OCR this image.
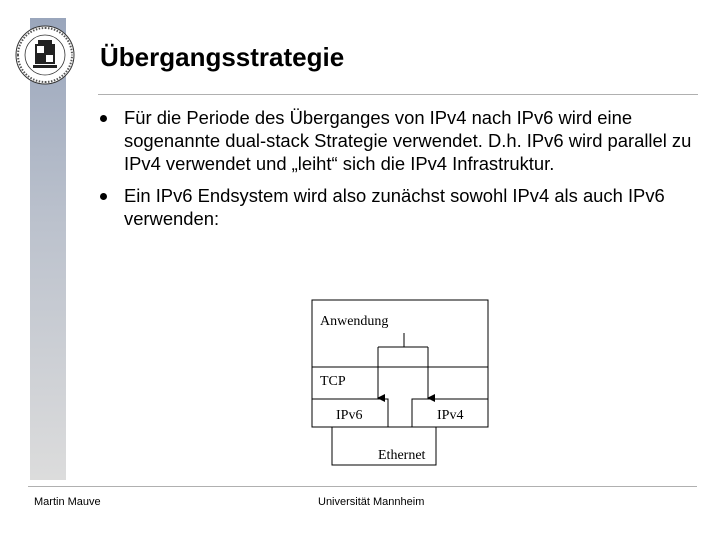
Übergangsstrategie
Für die Periode des Überganges von IPv4 nach IPv6 wird eine sogenannte dual-stack Strategie verwendet. D.h. IPv6 wird parallel zu IPv4 verwendet und „leiht“ sich die IPv4 Infrastruktur.
Ein IPv6 Endsystem wird also zunächst sowohl IPv4 als auch IPv6 verwenden:
Anwendung
TCP
IPv6	IPv4
Ethernet
Martin Mauve	Universität Mannheim
